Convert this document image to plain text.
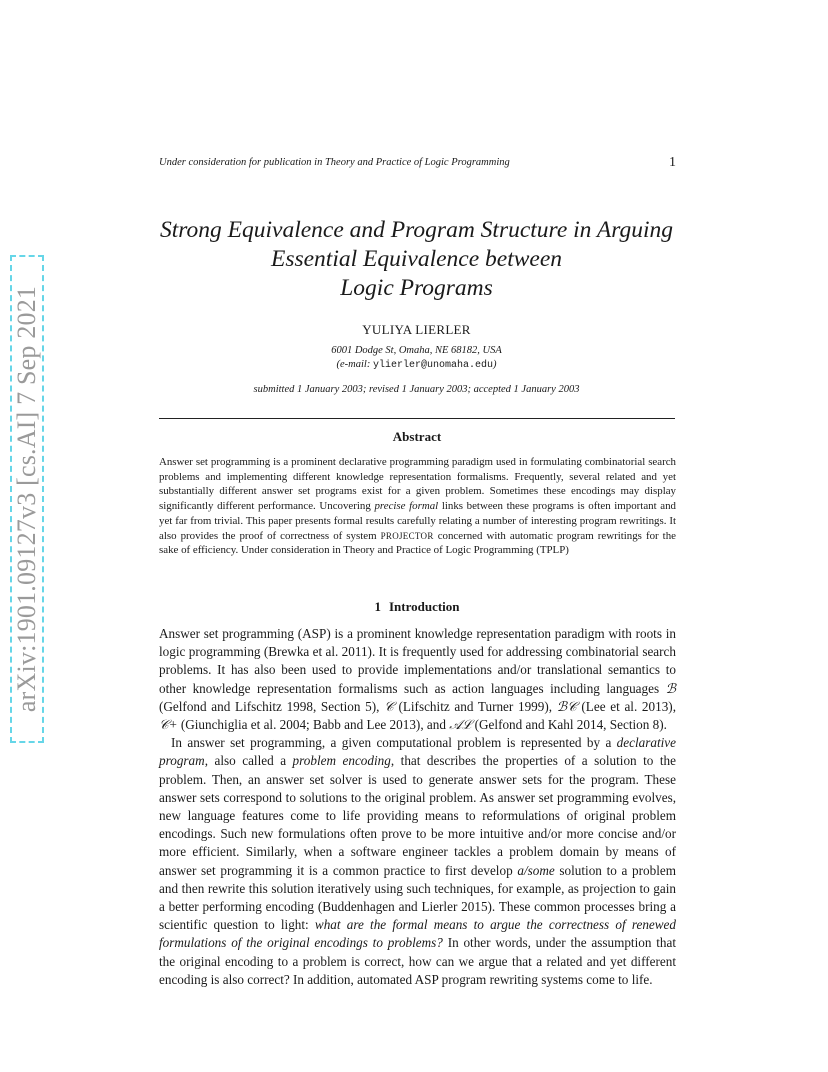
arXiv:1901.09127v3 [cs.AI] 7 Sep 2021
Under consideration for publication in Theory and Practice of Logic Programming	1
Strong Equivalence and Program Structure in Arguing
Essential Equivalence between
Logic Programs
YULIYA LIERLER
6001 Dodge St, Omaha, NE 68182, USA
(e-mail: ylierler@unomaha.edu)
submitted 1 January 2003; revised 1 January 2003; accepted 1 January 2003
Abstract

Answer set programming is a prominent declarative programming paradigm used in formulating combinatorial search problems and implementing different knowledge representation formalisms. Frequently, several related and yet substantially different answer set programs exist for a given problem. Sometimes these encodings may display significantly different performance. Uncovering precise formal links between these programs is often important and yet far from trivial. This paper presents formal results carefully relating a number of interesting program rewritings. It also provides the proof of correctness of system PROJECTOR concerned with automatic program rewritings for the sake of efficiency. Under consideration in Theory and Practice of Logic Programming (TPLP)

1 Introduction

Answer set programming (ASP) is a prominent knowledge representation paradigm with roots in logic programming (Brewka et al. 2011). It is frequently used for addressing combinatorial search problems. It has also been used to provide implementations and/or translational semantics to other knowledge representation formalisms such as action languages including languages ℬ (Gelfond and Lifschitz 1998, Section 5), 𝒞 (Lifschitz and Turner 1999), ℬ𝒞 (Lee et al. 2013), 𝒞+ (Giunchiglia et al. 2004; Babb and Lee 2013), and 𝒜ℒ (Gelfond and Kahl 2014, Section 8).

In answer set programming, a given computational problem is represented by a declarative program, also called a problem encoding, that describes the properties of a solution to the problem. Then, an answer set solver is used to generate answer sets for the program. These answer sets correspond to solutions to the original problem. As answer set programming evolves, new language features come to life providing means to reformulations of original problem encodings. Such new formulations often prove to be more intuitive and/or more concise and/or more efficient. Similarly, when a software engineer tackles a problem domain by means of answer set programming it is a common practice to first develop a/some solution to a problem and then rewrite this solution iteratively using such techniques, for example, as projection to gain a better performing encoding (Buddenhagen and Lierler 2015). These common processes bring a scientific question to light: what are the formal means to argue the correctness of renewed formulations of the original encodings to problems? In other words, under the assumption that the original encoding to a problem is correct, how can we argue that a related and yet different encoding is also correct? In addition, automated ASP program rewriting systems come to life.
